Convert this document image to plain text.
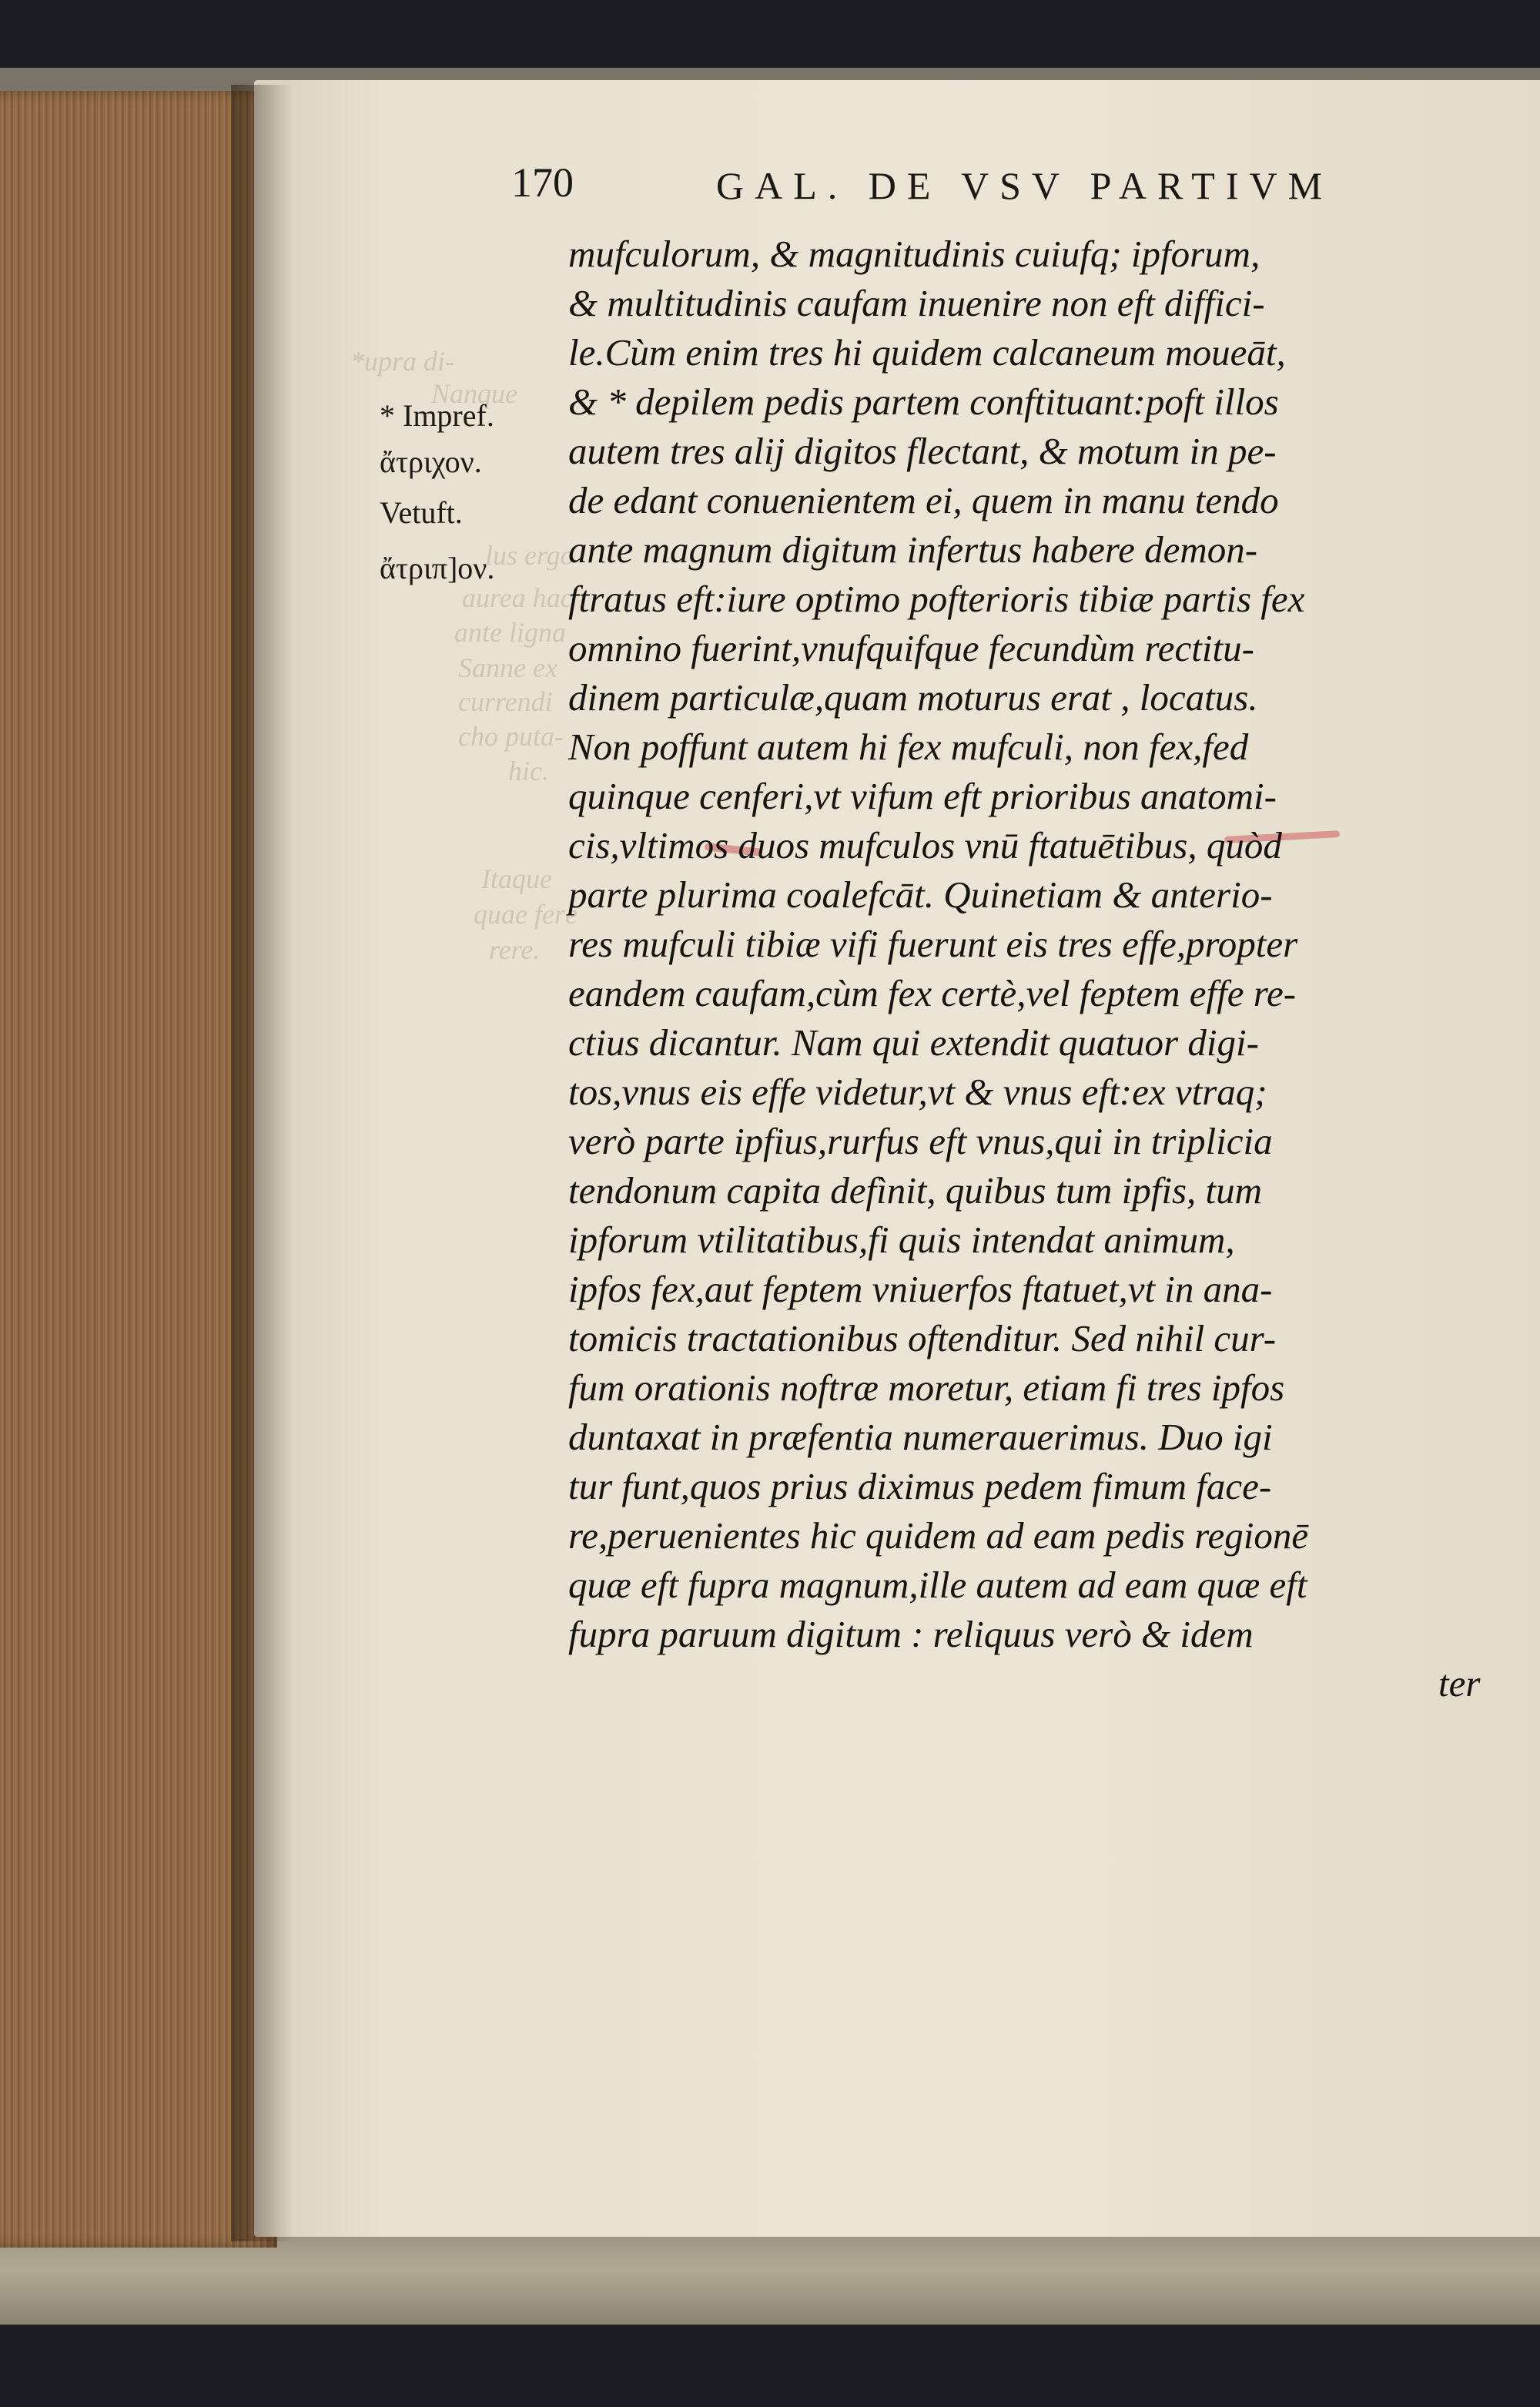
170	GAL. DE VSV PARTIVM
*upra di-
Nanque
lus ergo
aurea hac
ante ligna
Sanne ex
currendi
cho puta-
hic.
Itaque
quae ferè
rere.
* Impref.
ἄτριχον.
Vetuft.
ἄτριπ]ον.
mufculorum, & magnitudinis cuiufq; ipforum,
& multitudinis caufam inuenire non eft diffici-
le.Cùm enim tres hi quidem calcaneum moueāt,
& * depilem pedis partem conftituant:poft illos
autem tres alij digitos flectant, & motum in pe-
de edant conuenientem ei, quem in manu tendo
ante magnum digitum infertus habere demon-
ftratus eft:iure optimo pofterioris tibiæ partis fex
omnino fuerint,vnufquifque fecundùm rectitu-
dinem particulæ,quam moturus erat , locatus.
Non poffunt autem hi fex mufculi, non fex,fed
quinque cenferi,vt vifum eft prioribus anatomi-
cis,vltimos duos mufculos vnū ftatuētibus, quòd
parte plurima coalefcāt. Quinetiam & anterio-
res mufculi tibiæ vifi fuerunt eis tres effe,propter
eandem caufam,cùm fex certè,vel feptem effe re-
ctius dicantur. Nam qui extendit quatuor digi-
tos,vnus eis effe videtur,vt & vnus eft:ex vtraq;
verò parte ipfius,rurfus eft vnus,qui in triplicia
tendonum capita defìnit, quibus tum ipfis, tum
ipforum vtilitatibus,fi quis intendat animum,
ipfos fex,aut feptem vniuerfos ftatuet,vt in ana-
tomicis tractationibus oftenditur. Sed nihil cur-
fum orationis noftræ moretur, etiam fi tres ipfos
duntaxat in præfentia numerauerimus. Duo igi
tur funt,quos prius diximus pedem fimum face-
re,peruenientes hic quidem ad eam pedis regionē
quæ eft fupra magnum,ille autem ad eam quæ eft
fupra paruum digitum : reliquus verò & idem
ter
